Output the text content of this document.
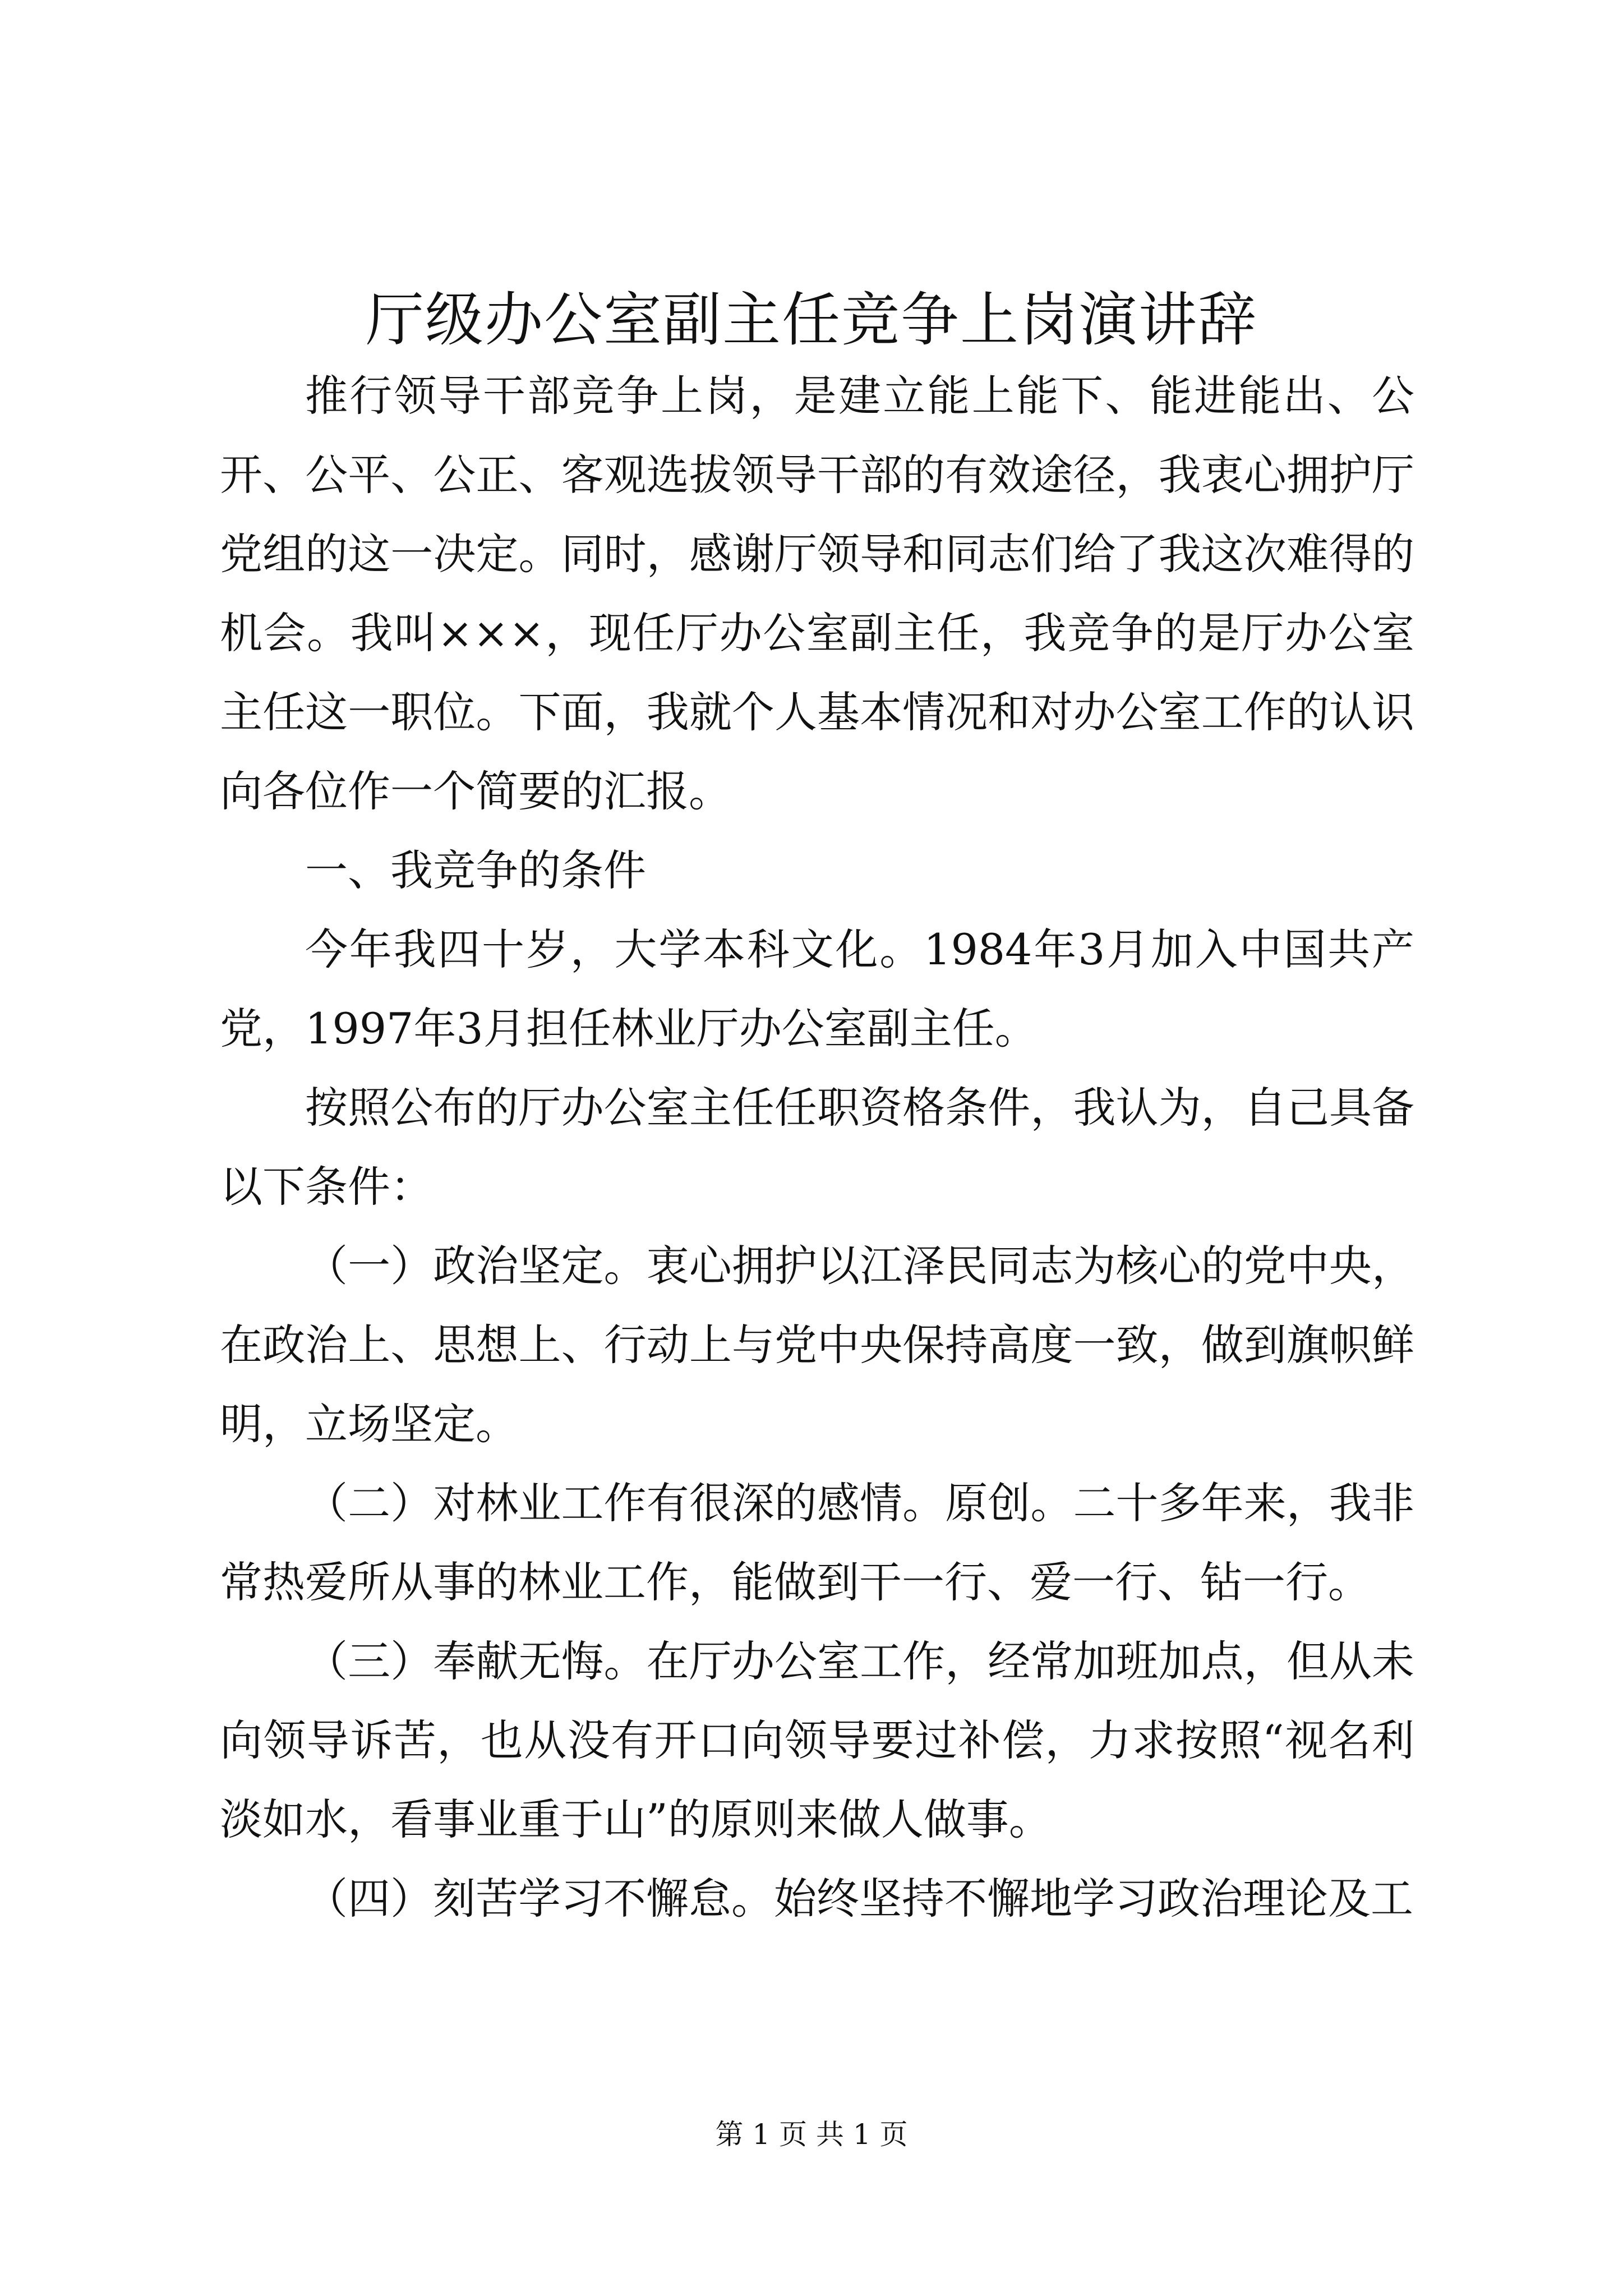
厅级办公室副主任竞争上岗演讲辞

推行领导干部竞争上岗，是建立能上能下、能进能出、公开、公平、公正、客观选拔领导干部的有效途径，我衷心拥护厅党组的这一决定。同时，感谢厅领导和同志们给了我这次难得的机会。我叫×××，现任厅办公室副主任，我竞争的是厅办公室主任这一职位。下面，我就个人基本情况和对办公室工作的认识向各位作一个简要的汇报。

一、我竞争的条件

今年我四十岁，大学本科文化。1984年3月加入中国共产党，1997年3月担任林业厅办公室副主任。

按照公布的厅办公室主任任职资格条件，我认为，自己具备以下条件：

（一）政治坚定。衷心拥护以江泽民同志为核心的党中央，在政治上、思想上、行动上与党中央保持高度一致，做到旗帜鲜明，立场坚定。

（二）对林业工作有很深的感情。原创。二十多年来，我非常热爱所从事的林业工作，能做到干一行、爱一行、钻一行。

（三）奉献无悔。在厅办公室工作，经常加班加点，但从未向领导诉苦，也从没有开口向领导要过补偿，力求按照“视名利淡如水，看事业重于山”的原则来做人做事。

（四）刻苦学习不懈怠。始终坚持不懈地学习政治理论及工

第 1 页 共 1 页
